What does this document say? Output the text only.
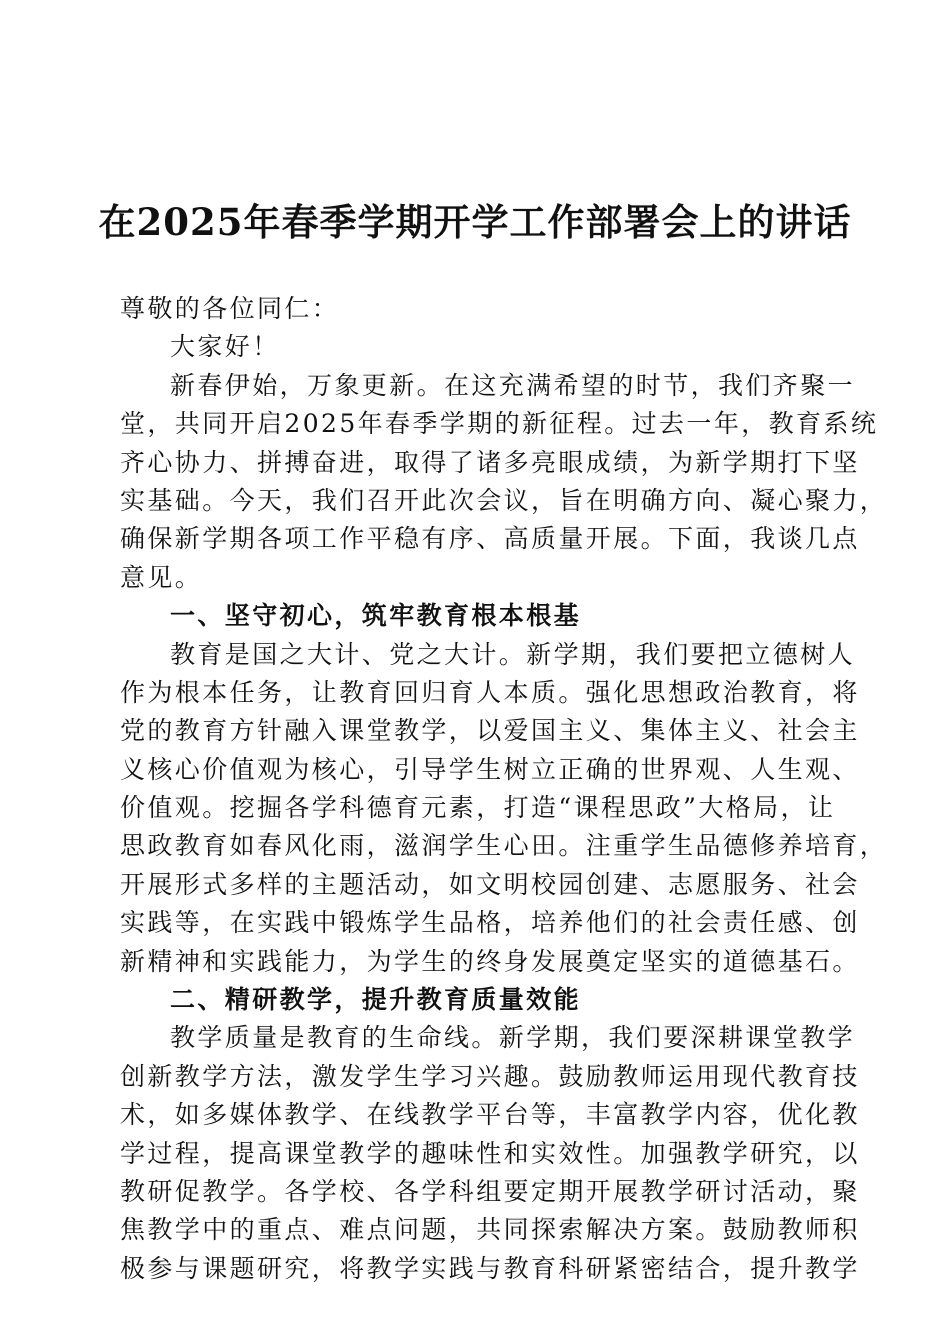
在2025年春季学期开学工作部署会上的讲话
尊敬的各位同仁：
大家好！
新春伊始，万象更新。在这充满希望的时节，我们齐聚一
堂，共同开启2025年春季学期的新征程。过去一年，教育系统
齐心协力、拼搏奋进，取得了诸多亮眼成绩，为新学期打下坚
实基础。今天，我们召开此次会议，旨在明确方向、凝心聚力，
确保新学期各项工作平稳有序、高质量开展。下面，我谈几点
意见。
一、坚守初心，筑牢教育根本根基
教育是国之大计、党之大计。新学期，我们要把立德树人
作为根本任务，让教育回归育人本质。强化思想政治教育，将
党的教育方针融入课堂教学，以爱国主义、集体主义、社会主
义核心价值观为核心，引导学生树立正确的世界观、人生观、
价值观。挖掘各学科德育元素，打造“课程思政”大格局，让
思政教育如春风化雨，滋润学生心田。注重学生品德修养培育，
开展形式多样的主题活动，如文明校园创建、志愿服务、社会
实践等，在实践中锻炼学生品格，培养他们的社会责任感、创
新精神和实践能力，为学生的终身发展奠定坚实的道德基石。
二、精研教学，提升教育质量效能
教学质量是教育的生命线。新学期，我们要深耕课堂教学
创新教学方法，激发学生学习兴趣。鼓励教师运用现代教育技
术，如多媒体教学、在线教学平台等，丰富教学内容，优化教
学过程，提高课堂教学的趣味性和实效性。加强教学研究，以
教研促教学。各学校、各学科组要定期开展教学研讨活动，聚
焦教学中的重点、难点问题，共同探索解决方案。鼓励教师积
极参与课题研究，将教学实践与教育科研紧密结合，提升教学
